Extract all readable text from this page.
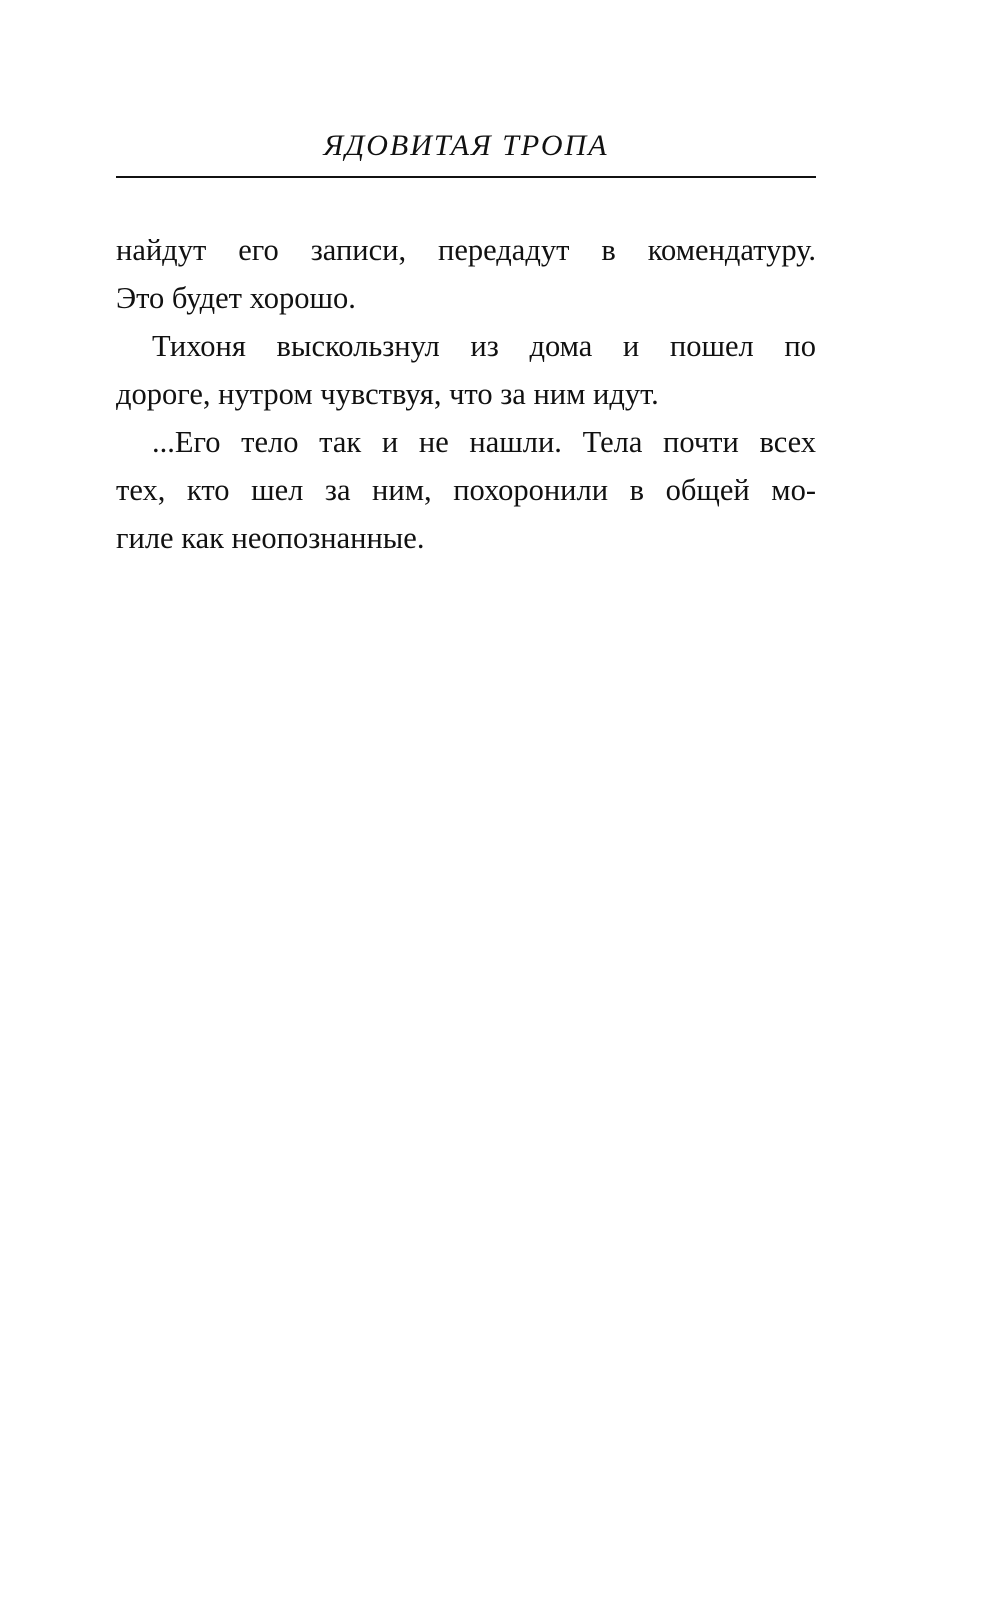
ЯДОВИТАЯ ТРОПА
найдут его записи, передадут в комендатуру.
Это будет хорошо.
Тихоня выскользнул из дома и пошел по
дороге, нутром чувствуя, что за ним идут.
...Его тело так и не нашли. Тела почти всех
тех, кто шел за ним, похоронили в общей мо-
гиле как неопознанные.
